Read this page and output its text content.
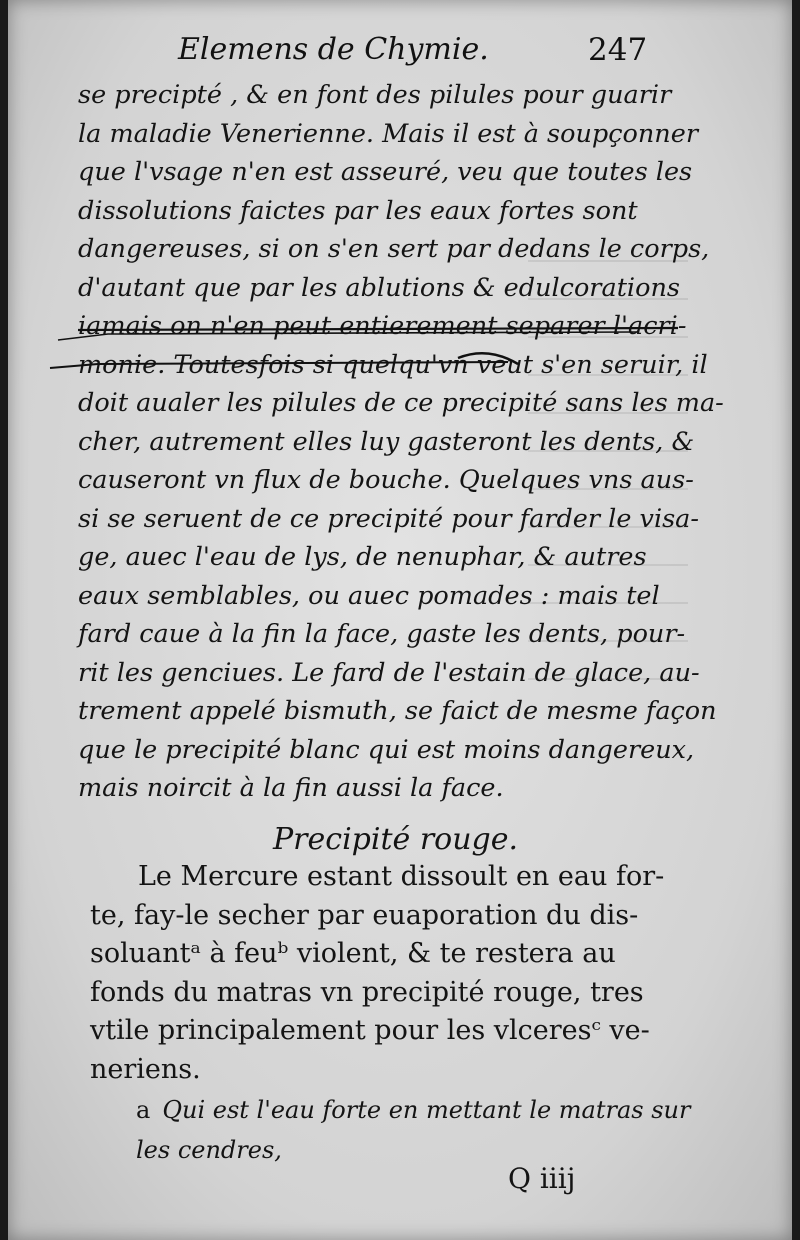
Elemens de Chymie.	247
se precipté , & en font des pilules pour guarir
la maladie Venerienne. Mais il est à soupçonner
que l'vsage n'en est asseuré, veu que toutes les
dissolutions faictes par les eaux fortes sont
dangereuses, si on s'en sert par dedans le corps,
d'autant que par les ablutions & edulcorations
iamais on n'en peut entierement separer l'acri-
monie. Toutesfois si quelqu'vn veut s'en seruir, il
doit aualer les pilules de ce precipité sans les ma-
cher, autrement elles luy gasteront les dents, &
causeront vn flux de bouche. Quelques vns aus-
si se seruent de ce precipité pour farder le visa-
ge, auec l'eau de lys, de nenuphar, & autres
eaux semblables, ou auec pomades : mais tel
fard caue à la fin la face, gaste les dents, pour-
rit les genciues. Le fard de l'estain de glace, au-
trement appelé bismuth, se faict de mesme façon
que le precipité blanc qui est moins dangereux,
mais noircit à la fin aussi la face.
Precipité rouge.
Le Mercure estant dissoult en eau for-
te, fay-le secher par euaporation du dis-
soluantᵃ à feuᵇ violent, & te restera au
fonds du matras vn precipité rouge, tres
vtile principalement pour les vlceresᶜ ve-
neriens.
a Qui est l'eau forte en mettant le matras sur
les cendres,
Q iiij
